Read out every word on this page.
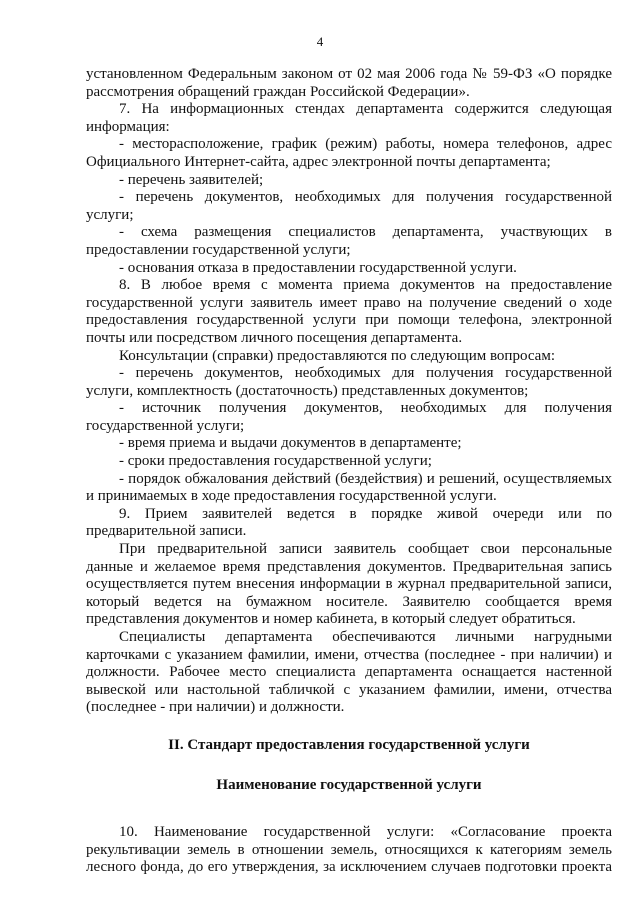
4

установленном Федеральным законом от 02 мая 2006 года № 59-ФЗ «О порядке рассмотрения обращений граждан Российской Федерации».

7. На информационных стендах департамента содержится следующая информация:

- месторасположение, график (режим) работы, номера телефонов, адрес Официального Интернет-сайта, адрес электронной почты департамента;

- перечень заявителей;

- перечень документов, необходимых для получения государственной услуги;

- схема размещения специалистов департамента, участвующих в предоставлении государственной услуги;

- основания отказа в предоставлении государственной услуги.

8. В любое время с момента приема документов на предоставление государственной услуги заявитель имеет право на получение сведений о ходе предоставления государственной услуги при помощи телефона, электронной почты или посредством личного посещения департамента.

Консультации (справки) предоставляются по следующим вопросам:

- перечень документов, необходимых для получения государственной услуги, комплектность (достаточность) представленных документов;

- источник получения документов, необходимых для получения государственной услуги;

- время приема и выдачи документов в департаменте;

- сроки предоставления государственной услуги;

- порядок обжалования действий (бездействия) и решений, осуществляемых и принимаемых в ходе предоставления государственной услуги.

9. Прием заявителей ведется в порядке живой очереди или по предварительной записи.

При предварительной записи заявитель сообщает свои персональные данные и желаемое время представления документов. Предварительная запись осуществляется путем внесения информации в журнал предварительной записи, который ведется на бумажном носителе. Заявителю сообщается время представления документов и номер кабинета, в который следует обратиться.

Специалисты департамента обеспечиваются личными нагрудными карточками с указанием фамилии, имени, отчества (последнее - при наличии) и должности. Рабочее место специалиста департамента оснащается настенной вывеской или настольной табличкой с указанием фамилии, имени, отчества (последнее - при наличии) и должности.

II. Стандарт предоставления государственной услуги

Наименование государственной услуги

10. Наименование государственной услуги: «Согласование проекта рекультивации земель в отношении земель, относящихся к категориям земель лесного фонда, до его утверждения, за исключением случаев подготовки проекта
